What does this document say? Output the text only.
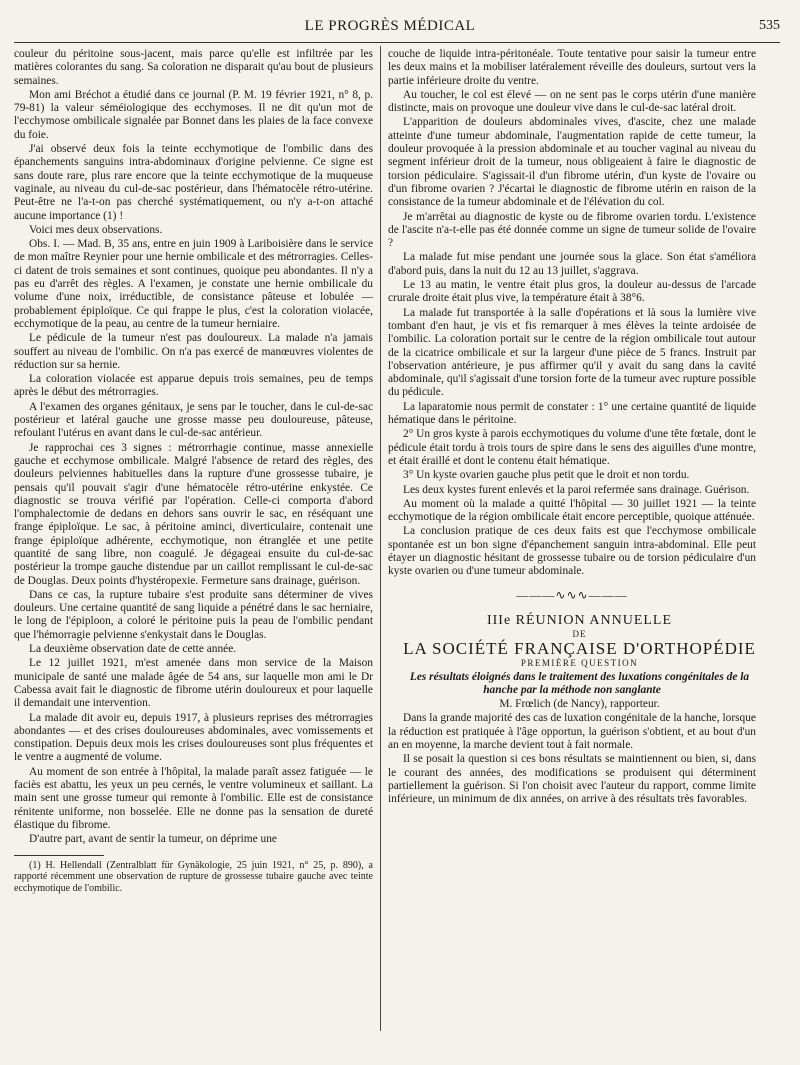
LE PROGRÈS MÉDICAL	535

couleur du péritoine sous-jacent, mais parce qu'elle est infiltrée par les matières colorantes du sang. Sa coloration ne disparait qu'au bout de plusieurs semaines.

Mon ami Bréchot a étudié dans ce journal (P. M. 19 février 1921, n° 8, p. 79-81) la valeur séméiologique des ecchymoses. Il ne dit qu'un mot de l'ecchymose ombilicale signalée par Bonnet dans les plaies de la face convexe du foie.

J'ai observé deux fois la teinte ecchymotique de l'ombilic dans des épanchements sanguins intra-abdominaux d'origine pelvienne. Ce signe est sans doute rare, plus rare encore que la teinte ecchymotique de la muqueuse vaginale, au niveau du cul-de-sac postérieur, dans l'hématocèle rétro-utérine. Peut-être ne l'a-t-on pas cherché systématiquement, ou n'y a-t-on attaché aucune importance (1) !

Voici mes deux observations.

Obs. I. — Mad. B, 35 ans, entre en juin 1909 à Lariboisière dans le service de mon maître Reynier pour une hernie ombilicale et des métrorragies. Celles-ci datent de trois semaines et sont continues, quoique peu abondantes. Il n'y a pas eu d'arrêt des règles. A l'examen, je constate une hernie ombilicale du volume d'une noix, irréductible, de consistance pâteuse et lobulée — probablement épiploïque. Ce qui frappe le plus, c'est la coloration violacée, ecchymotique de la peau, au centre de la tumeur herniaire.

Le pédicule de la tumeur n'est pas douloureux. La malade n'a jamais souffert au niveau de l'ombilic. On n'a pas exercé de manœuvres violentes de réduction sur sa hernie.

La coloration violacée est apparue depuis trois semaines, peu de temps après le début des métrorragies.

A l'examen des organes génitaux, je sens par le toucher, dans le cul-de-sac postérieur et latéral gauche une grosse masse peu douloureuse, pâteuse, refoulant l'utérus en avant dans le cul-de-sac antérieur.

Je rapprochai ces 3 signes : métrorrhagie continue, masse annexielle gauche et ecchymose ombilicale. Malgré l'absence de retard des règles, des douleurs pelviennes habituelles dans la rupture d'une grossesse tubaire, je pensais qu'il pouvait s'agir d'une hématocèle rétro-utérine enkystée. Ce diagnostic se trouva vérifié par l'opération. Celle-ci comporta d'abord l'omphalectomie de dedans en dehors sans ouvrir le sac, en réséquant une frange épiploïque. Le sac, à péritoine aminci, diverticulaire, contenait une frange épiploïque adhérente, ecchymotique, non étranglée et une petite quantité de sang libre, non coagulé. Je dégageai ensuite du cul-de-sac postérieur la trompe gauche distendue par un caillot remplissant le cul-de-sac de Douglas. Deux points d'hystéropexie. Fermeture sans drainage, guérison.

Dans ce cas, la rupture tubaire s'est produite sans déterminer de vives douleurs. Une certaine quantité de sang liquide a pénétré dans le sac herniaire, le long de l'épiploon, a coloré le péritoine puis la peau de l'ombilic pendant que l'hémorragie pelvienne s'enkystait dans le Douglas.

La deuxième observation date de cette année.

Le 12 juillet 1921, m'est amenée dans mon service de la Maison municipale de santé une malade âgée de 54 ans, sur laquelle mon ami le Dr Cabessa avait fait le diagnostic de fibrome utérin douloureux et pour laquelle il demandait une intervention.

La malade dit avoir eu, depuis 1917, à plusieurs reprises des métrorragies abondantes — et des crises douloureuses abdominales, avec vomissements et constipation. Depuis deux mois les crises douloureuses sont plus fréquentes et le ventre a augmenté de volume.

Au moment de son entrée à l'hôpital, la malade paraît assez fatiguée — le faciès est abattu, les yeux un peu cernés, le ventre volumineux et saillant. La main sent une grosse tumeur qui remonte à l'ombilic. Elle est de consistance rénitente uniforme, non bosselée. Elle ne donne pas la sensation de dureté élastique du fibrome.

D'autre part, avant de sentir la tumeur, on déprime une

(1) H. Hellendall (Zentralblatt für Gynäkologie, 25 juin 1921, n° 25, p. 890), a rapporté récemment une observation de rupture de grossesse tubaire gauche avec teinte ecchymotique de l'ombilic.

couche de liquide intra-péritonéale. Toute tentative pour saisir la tumeur entre les deux mains et la mobiliser latéralement réveille des douleurs, surtout vers la partie inférieure droite du ventre.

Au toucher, le col est élevé — on ne sent pas le corps utérin d'une manière distincte, mais on provoque une douleur vive dans le cul-de-sac latéral droit.

L'apparition de douleurs abdominales vives, d'ascite, chez une malade atteinte d'une tumeur abdominale, l'augmentation rapide de cette tumeur, la douleur provoquée à la pression abdominale et au toucher vaginal au niveau du segment inférieur droit de la tumeur, nous obligeaient à faire le diagnostic de torsion pédiculaire. S'agissait-il d'un fibrome utérin, d'un kyste de l'ovaire ou d'un fibrome ovarien ? J'écartai le diagnostic de fibrome utérin en raison de la consistance de la tumeur abdominale et de l'élévation du col.

Je m'arrêtai au diagnostic de kyste ou de fibrome ovarien tordu. L'existence de l'ascite n'a-t-elle pas été donnée comme un signe de tumeur solide de l'ovaire ?

La malade fut mise pendant une journée sous la glace. Son état s'améliora d'abord puis, dans la nuit du 12 au 13 juillet, s'aggrava.

Le 13 au matin, le ventre était plus gros, la douleur au-dessus de l'arcade crurale droite était plus vive, la température était à 38°6.

La malade fut transportée à la salle d'opérations et là sous la lumière vive tombant d'en haut, je vis et fis remarquer à mes élèves la teinte ardoisée de l'ombilic. La coloration portait sur le centre de la région ombilicale tout autour de la cicatrice ombilicale et sur la largeur d'une pièce de 5 francs. Instruit par l'observation antérieure, je pus affirmer qu'il y avait du sang dans la cavité abdominale, qu'il s'agissait d'une torsion forte de la tumeur avec rupture possible du pédicule.

La laparatomie nous permit de constater : 1° une certaine quantité de liquide hématique dans le péritoine.

2° Un gros kyste à parois ecchymotiques du volume d'une tête fœtale, dont le pédicule était tordu à trois tours de spire dans le sens des aiguilles d'une montre, et était éraillé et dont le contenu était hématique.

3° Un kyste ovarien gauche plus petit que le droit et non tordu.

Les deux kystes furent enlevés et la paroi refermée sans drainage. Guérison.

Au moment où la malade a quitté l'hôpital — 30 juillet 1921 — la teinte ecchymotique de la région ombilicale était encore perceptible, quoique atténuée.

La conclusion pratique de ces deux faits est que l'ecchymose ombilicale spontanée est un bon signe d'épanchement sanguin intra-abdominal. Elle peut étayer un diagnostic hésitant de grossesse tubaire ou de torsion pédiculaire d'un kyste ovarien ou d'une tumeur abdominale.

———∿∿∿———

IIIe RÉUNION ANNUELLE

DE

LA SOCIÉTÉ FRANÇAISE D'ORTHOPÉDIE

PREMIÈRE QUESTION

Les résultats éloignés dans le traitement des luxations congénitales de la hanche par la méthode non sanglante

M. Frœlich (de Nancy), rapporteur.

Dans la grande majorité des cas de luxation congénitale de la hanche, lorsque la réduction est pratiquée à l'âge opportun, la guérison s'obtient, et au bout d'un an en moyenne, la marche devient tout à fait normale.

Il se posait la question si ces bons résultats se maintiennent ou bien, si, dans le courant des années, des modifications se produisent qui déterminent partiellement la guérison. Si l'on choisit avec l'auteur du rapport, comme limite inférieure, un minimum de dix années, on arrive à des résultats très favorables.
